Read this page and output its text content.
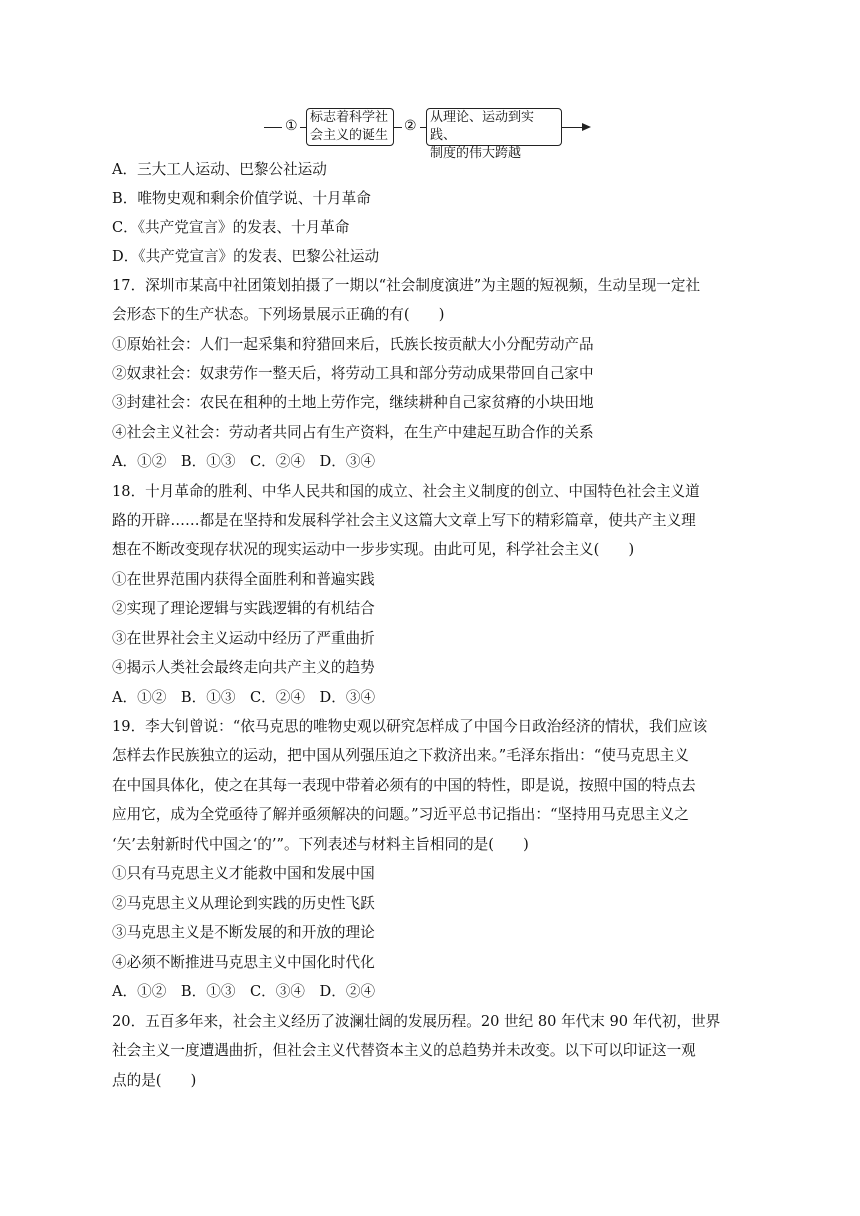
①
标志着科学社
会主义的诞生
②
从理论、运动到实践、
制度的伟大跨越
A．三大工人运动、巴黎公社运动
B．唯物史观和剩余价值学说、十月革命
C．《共产党宣言》的发表、十月革命
D．《共产党宣言》的发表、巴黎公社运动
17．深圳市某高中社团策划拍摄了一期以“社会制度演进”为主题的短视频，生动呈现一定社
会形态下的生产状态。下列场景展示正确的有(　　)
①原始社会：人们一起采集和狩猎回来后，氏族长按贡献大小分配劳动产品
②奴隶社会：奴隶劳作一整天后，将劳动工具和部分劳动成果带回自己家中
③封建社会：农民在租种的土地上劳作完，继续耕种自己家贫瘠的小块田地
④社会主义社会：劳动者共同占有生产资料，在生产中建起互助合作的关系
A．①②　B．①③　C．②④　D．③④
18．十月革命的胜利、中华人民共和国的成立、社会主义制度的创立、中国特色社会主义道
路的开辟……都是在坚持和发展科学社会主义这篇大文章上写下的精彩篇章，使共产主义理
想在不断改变现存状况的现实运动中一步步实现。由此可见，科学社会主义(　　)
①在世界范围内获得全面胜利和普遍实践
②实现了理论逻辑与实践逻辑的有机结合
③在世界社会主义运动中经历了严重曲折
④揭示人类社会最终走向共产主义的趋势
A．①②　B．①③　C．②④　D．③④
19．李大钊曾说：“依马克思的唯物史观以研究怎样成了中国今日政治经济的情状，我们应该
怎样去作民族独立的运动，把中国从列强压迫之下救济出来。”毛泽东指出：“使马克思主义
在中国具体化，使之在其每一表现中带着必须有的中国的特性，即是说，按照中国的特点去
应用它，成为全党亟待了解并亟须解决的问题。”习近平总书记指出：“坚持用马克思主义之
‘矢’去射新时代中国之‘的’”。下列表述与材料主旨相同的是(　　)
①只有马克思主义才能救中国和发展中国
②马克思主义从理论到实践的历史性飞跃
③马克思主义是不断发展的和开放的理论
④必须不断推进马克思主义中国化时代化
A．①②　B．①③　C．③④　D．②④
20．五百多年来，社会主义经历了波澜壮阔的发展历程。20 世纪 80 年代末 90 年代初，世界
社会主义一度遭遇曲折，但社会主义代替资本主义的总趋势并未改变。以下可以印证这一观
点的是(　　)
